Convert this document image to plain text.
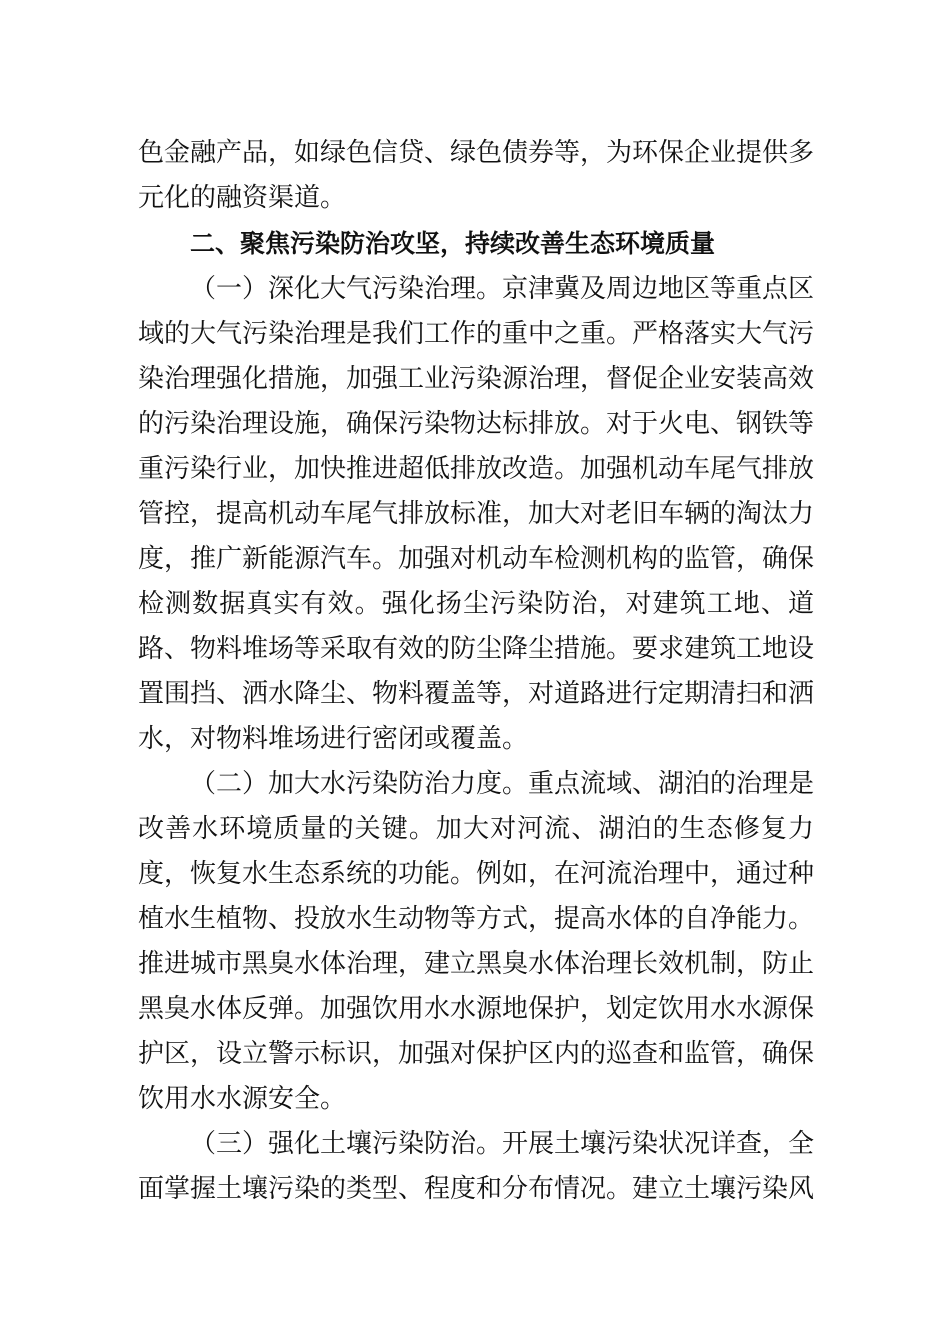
色金融产品，如绿色信贷、绿色债券等，为环保企业提供多
元化的融资渠道。
二、聚焦污染防治攻坚，持续改善生态环境质量
（一）深化大气污染治理。京津冀及周边地区等重点区
域的大气污染治理是我们工作的重中之重。严格落实大气污
染治理强化措施，加强工业污染源治理，督促企业安装高效
的污染治理设施，确保污染物达标排放。对于火电、钢铁等
重污染行业，加快推进超低排放改造。加强机动车尾气排放
管控，提高机动车尾气排放标准，加大对老旧车辆的淘汰力
度，推广新能源汽车。加强对机动车检测机构的监管，确保
检测数据真实有效。强化扬尘污染防治，对建筑工地、道
路、物料堆场等采取有效的防尘降尘措施。要求建筑工地设
置围挡、洒水降尘、物料覆盖等，对道路进行定期清扫和洒
水，对物料堆场进行密闭或覆盖。
（二）加大水污染防治力度。重点流域、湖泊的治理是
改善水环境质量的关键。加大对河流、湖泊的生态修复力
度，恢复水生态系统的功能。例如，在河流治理中，通过种
植水生植物、投放水生动物等方式，提高水体的自净能力。
推进城市黑臭水体治理，建立黑臭水体治理长效机制，防止
黑臭水体反弹。加强饮用水水源地保护，划定饮用水水源保
护区，设立警示标识，加强对保护区内的巡查和监管，确保
饮用水水源安全。
（三）强化土壤污染防治。开展土壤污染状况详查，全
面掌握土壤污染的类型、程度和分布情况。建立土壤污染风
